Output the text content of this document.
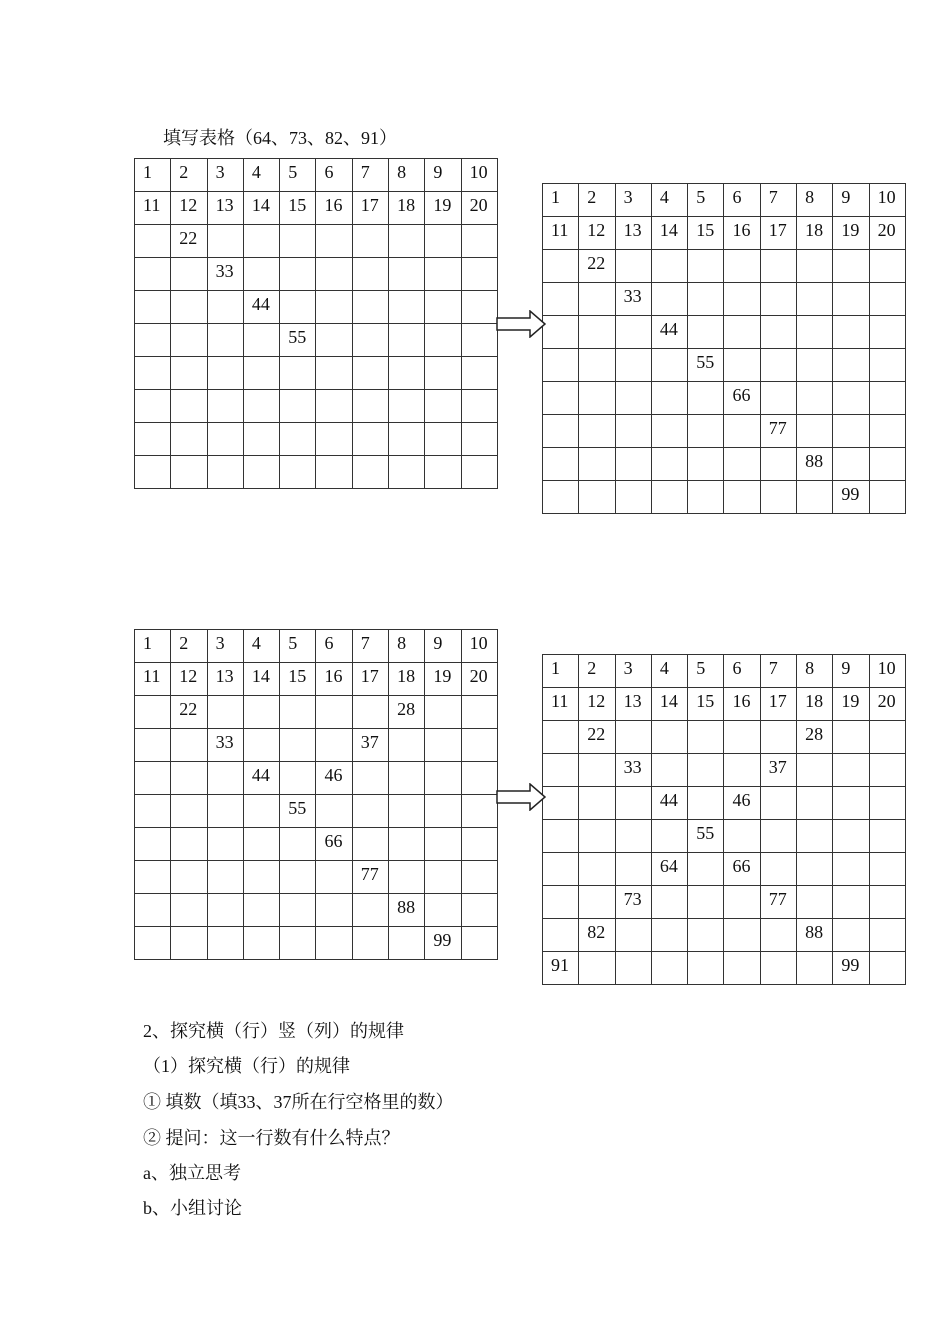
填写表格（64、73、82、91）
1	2	3	4	5	6	7	8	9	10
11	12	13	14	15	16	17	18	19	20
	22								
		33							
			44						
				55					

1	2	3	4	5	6	7	8	9	10
11	12	13	14	15	16	17	18	19	20
	22								
		33							
			44						
				55					
					66				
						77			
							88		
								99	
1	2	3	4	5	6	7	8	9	10
11	12	13	14	15	16	17	18	19	20
	22						28		
		33				37			
			44		46				
				55					
					66				
						77			
							88		
								99	
1	2	3	4	5	6	7	8	9	10
11	12	13	14	15	16	17	18	19	20
	22						28		
		33				37			
			44		46				
				55					
			64		66				
		73				77			
	82						88		
91								99	
2、探究横（行）竖（列）的规律
（1）探究横（行）的规律
① 填数（填33、37所在行空格里的数）
② 提问：这一行数有什么特点？
a、独立思考
b、小组讨论
